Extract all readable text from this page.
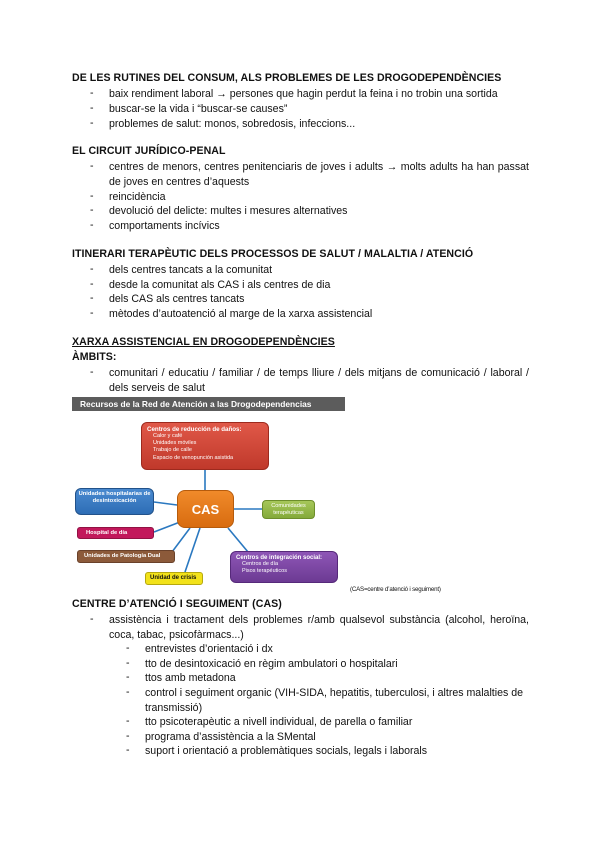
DE LES RUTINES DEL CONSUM, ALS PROBLEMES DE LES DROGODEPENDÈNCIES
- baix rendiment laboral → persones que hagin perdut la feina i no trobin una sortida
- buscar-se la vida i “buscar-se causes”
- problemes de salut: monos, sobredosis, infeccions...
EL CIRCUIT JURÍDICO-PENAL
- centres de menors, centres penitenciaris de joves i adults → molts adults ha han passat de joves en centres d’aquests
- reincidència
- devolució del delicte: multes i mesures alternatives
- comportaments incívics
ITINERARI TERAPÈUTIC DELS PROCESSOS DE SALUT / MALALTIA / ATENCIÓ
- dels centres tancats a la comunitat
- desde la comunitat als CAS i als centres de dia
- dels CAS als centres tancats
- mètodes d’autoatenció al marge de la xarxa assistencial
XARXA ASSISTENCIAL EN DROGODEPENDÈNCIES
ÀMBITS:
- comunitari / educatiu / familiar / de temps lliure / dels mitjans de comunicació / laboral / dels serveis de salut
Recursos de la Red de Atención a las Drogodependencias
Centros de reducción de daños:
Calor y café
Unidades móviles
Trabajo de calle
Espacio de venopunción asistida
Unidades hospitalarias de desintoxicación
CAS	Comunidades terapéuticas
Hospital de día
Unidades de Patología Dual
Unidad de crisis
Centros de integración social:
Centros de día
Pisos terapéuticos
(CAS=centre d’atenció i seguiment)
CENTRE D’ATENCIÓ I SEGUIMENT (CAS)
- assistència i tractament dels problemes r/amb qualsevol substància (alcohol, heroïna, coca, tabac, psicofàrmacs...)
- entrevistes d’orientació i dx
- tto de desintoxicació en règim ambulatori o hospitalari
- ttos amb metadona
- control i seguiment organic (VIH-SIDA, hepatitis, tuberculosi, i altres malalties de transmissió)
- tto psicoterapèutic a nivell individual, de parella o familiar
- programa d’assistència a la SMental
- suport i orientació a problemàtiques socials, legals i laborals
